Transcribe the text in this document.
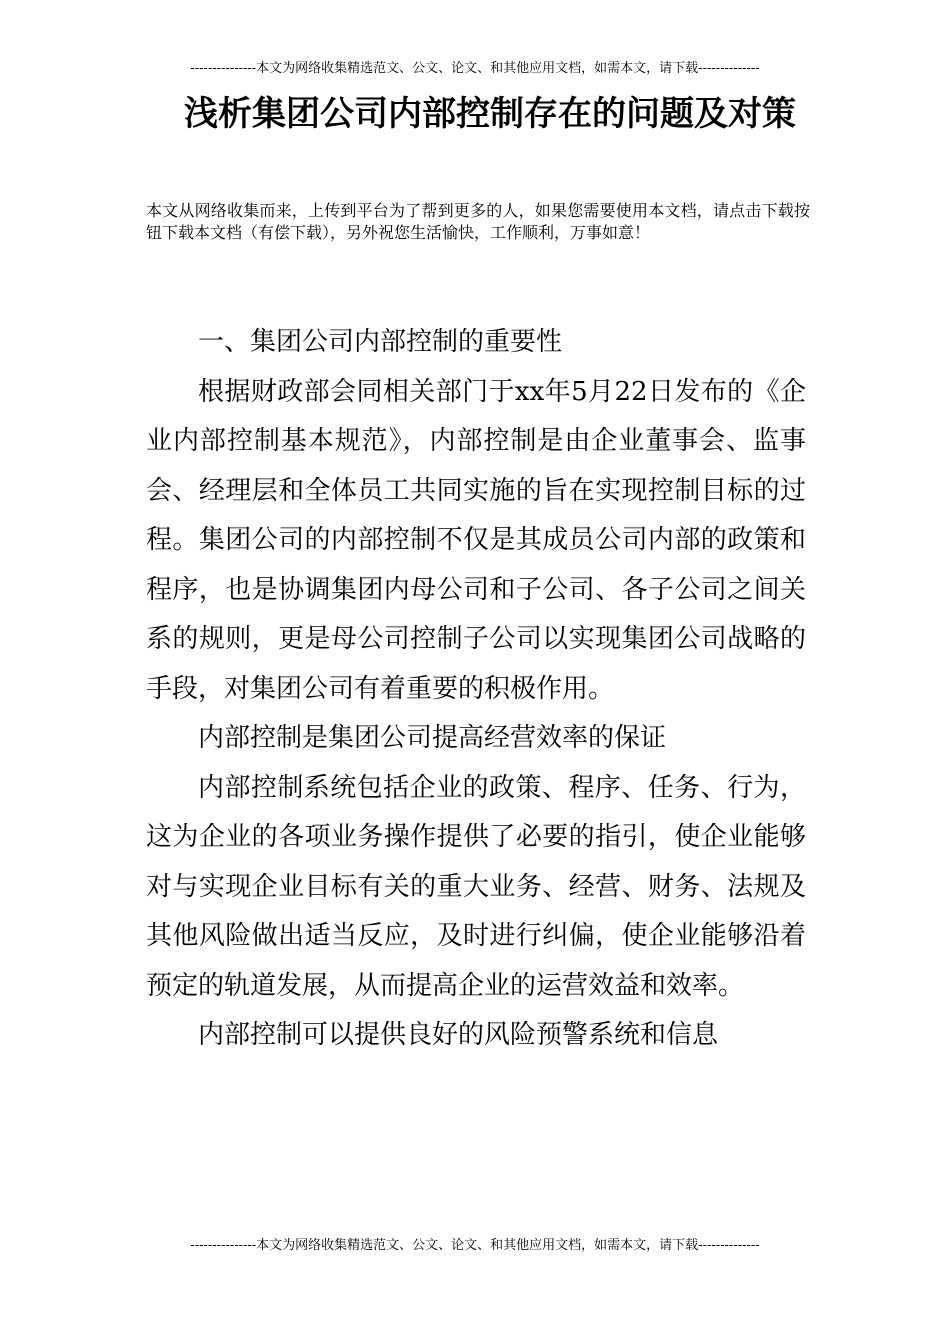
---------------本文为网络收集精选范文、公文、论文、和其他应用文档，如需本文，请下载--------------
浅析集团公司内部控制存在的问题及对策
本文从网络收集而来，上传到平台为了帮到更多的人，如果您需要使用本文档，请点击下载按钮下载本文档（有偿下载），另外祝您生活愉快，工作顺利，万事如意！

一、集团公司内部控制的重要性

根据财政部会同相关部门于xx年5月22日发布的《企业内部控制基本规范》，内部控制是由企业董事会、监事会、经理层和全体员工共同实施的旨在实现控制目标的过程。集团公司的内部控制不仅是其成员公司内部的政策和程序，也是协调集团内母公司和子公司、各子公司之间关系的规则，更是母公司控制子公司以实现集团公司战略的手段，对集团公司有着重要的积极作用。

内部控制是集团公司提高经营效率的保证

内部控制系统包括企业的政策、程序、任务、行为，这为企业的各项业务操作提供了必要的指引，使企业能够对与实现企业目标有关的重大业务、经营、财务、法规及其他风险做出适当反应，及时进行纠偏，使企业能够沿着预定的轨道发展，从而提高企业的运营效益和效率。

内部控制可以提供良好的风险预警系统和信息

---------------本文为网络收集精选范文、公文、论文、和其他应用文档，如需本文，请下载--------------
